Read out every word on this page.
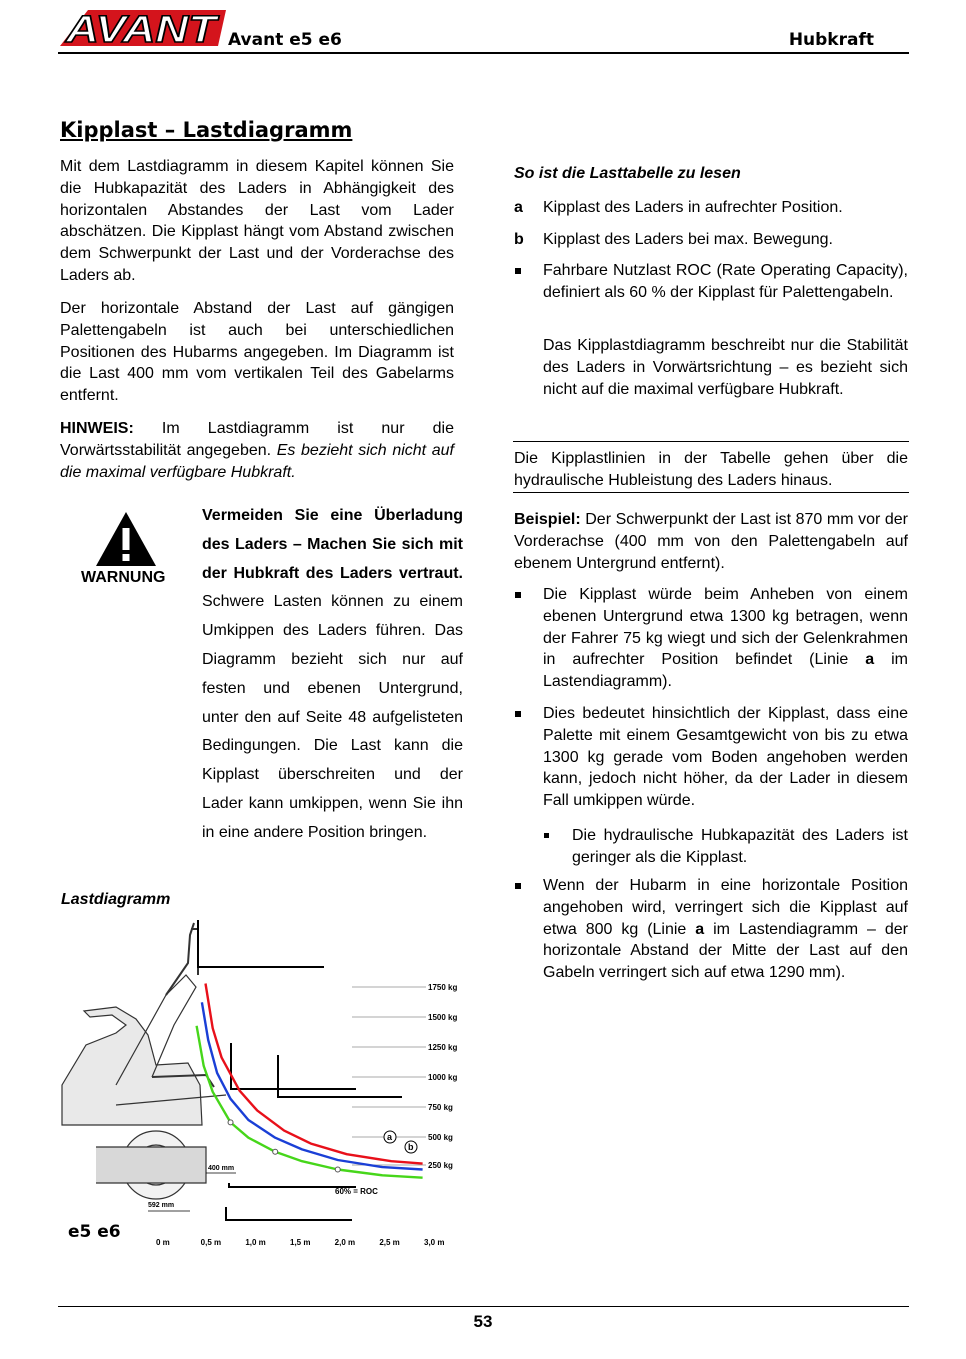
AVANT Avant e5 e6	Hubkraft
Kipplast – Lastdiagramm
Mit dem Lastdiagramm in diesem Kapitel können Sie die Hubkapazität des Laders in Abhängigkeit des horizontalen Abstandes der Last vom Lader abschätzen. Die Kipplast hängt vom Abstand zwischen dem Schwerpunkt der Last und der Vorderachse des Laders ab.
Der horizontale Abstand der Last auf gängigen Palettengabeln ist auch bei unterschiedlichen Positionen des Hubarms angegeben. Im Diagramm ist die Last 400 mm vom vertikalen Teil des Gabelarms entfernt.
HINWEIS: Im Lastdiagramm ist nur die Vorwärtsstabilität angegeben. Es bezieht sich nicht auf die maximal verfügbare Hubkraft.
WARNUNG
Vermeiden Sie eine Überladung des Laders – Machen Sie sich mit der Hubkraft des Laders vertraut. Schwere Lasten können zu einem Umkippen des Laders führen. Das Diagramm bezieht sich nur auf festen und ebenen Untergrund, unter den auf Seite 48 aufgelisteten Bedingungen. Die Last kann die Kipplast überschreiten und der Lader kann umkippen, wenn Sie ihn in eine andere Position bringen.
Lastdiagramm
1750 kg
1500 kg
1250 kg
1000 kg
750 kg
500 kg
250 kg
0 m	0,5 m	1,0 m	1,5 m	2,0 m	2,5 m	3,0 m
400 mm
592 mm
60% = ROC
a
b
e5 e6
So ist die Lasttabelle zu lesen
a Kipplast des Laders in aufrechter Position.
b Kipplast des Laders bei max. Bewegung.
Fahrbare Nutzlast ROC (Rate Operating Capacity), definiert als 60 % der Kipplast für Palettengabeln.
Das Kipplastdiagramm beschreibt nur die Stabilität des Laders in Vorwärtsrichtung – es bezieht sich nicht auf die maximal verfügbare Hubkraft.
Die Kipplastlinien in der Tabelle gehen über die hydraulische Hubleistung des Laders hinaus.
Beispiel: Der Schwerpunkt der Last ist 870 mm vor der Vorderachse (400 mm von den Palettengabeln auf ebenem Untergrund entfernt).
Die Kipplast würde beim Anheben von einem ebenen Untergrund etwa 1300 kg betragen, wenn der Fahrer 75 kg wiegt und sich der Gelenkrahmen in aufrechter Position befindet (Linie a im Lastendiagramm).
Dies bedeutet hinsichtlich der Kipplast, dass eine Palette mit einem Gesamtgewicht von bis zu etwa 1300 kg gerade vom Boden angehoben werden kann, jedoch nicht höher, da der Lader in diesem Fall umkippen würde.
Die hydraulische Hubkapazität des Laders ist geringer als die Kipplast.
Wenn der Hubarm in eine horizontale Position angehoben wird, verringert sich die Kipplast auf etwa 800 kg (Linie a im Lastendiagramm – der horizontale Abstand der Mitte der Last auf den Gabeln verringert sich auf etwa 1290 mm).
53
